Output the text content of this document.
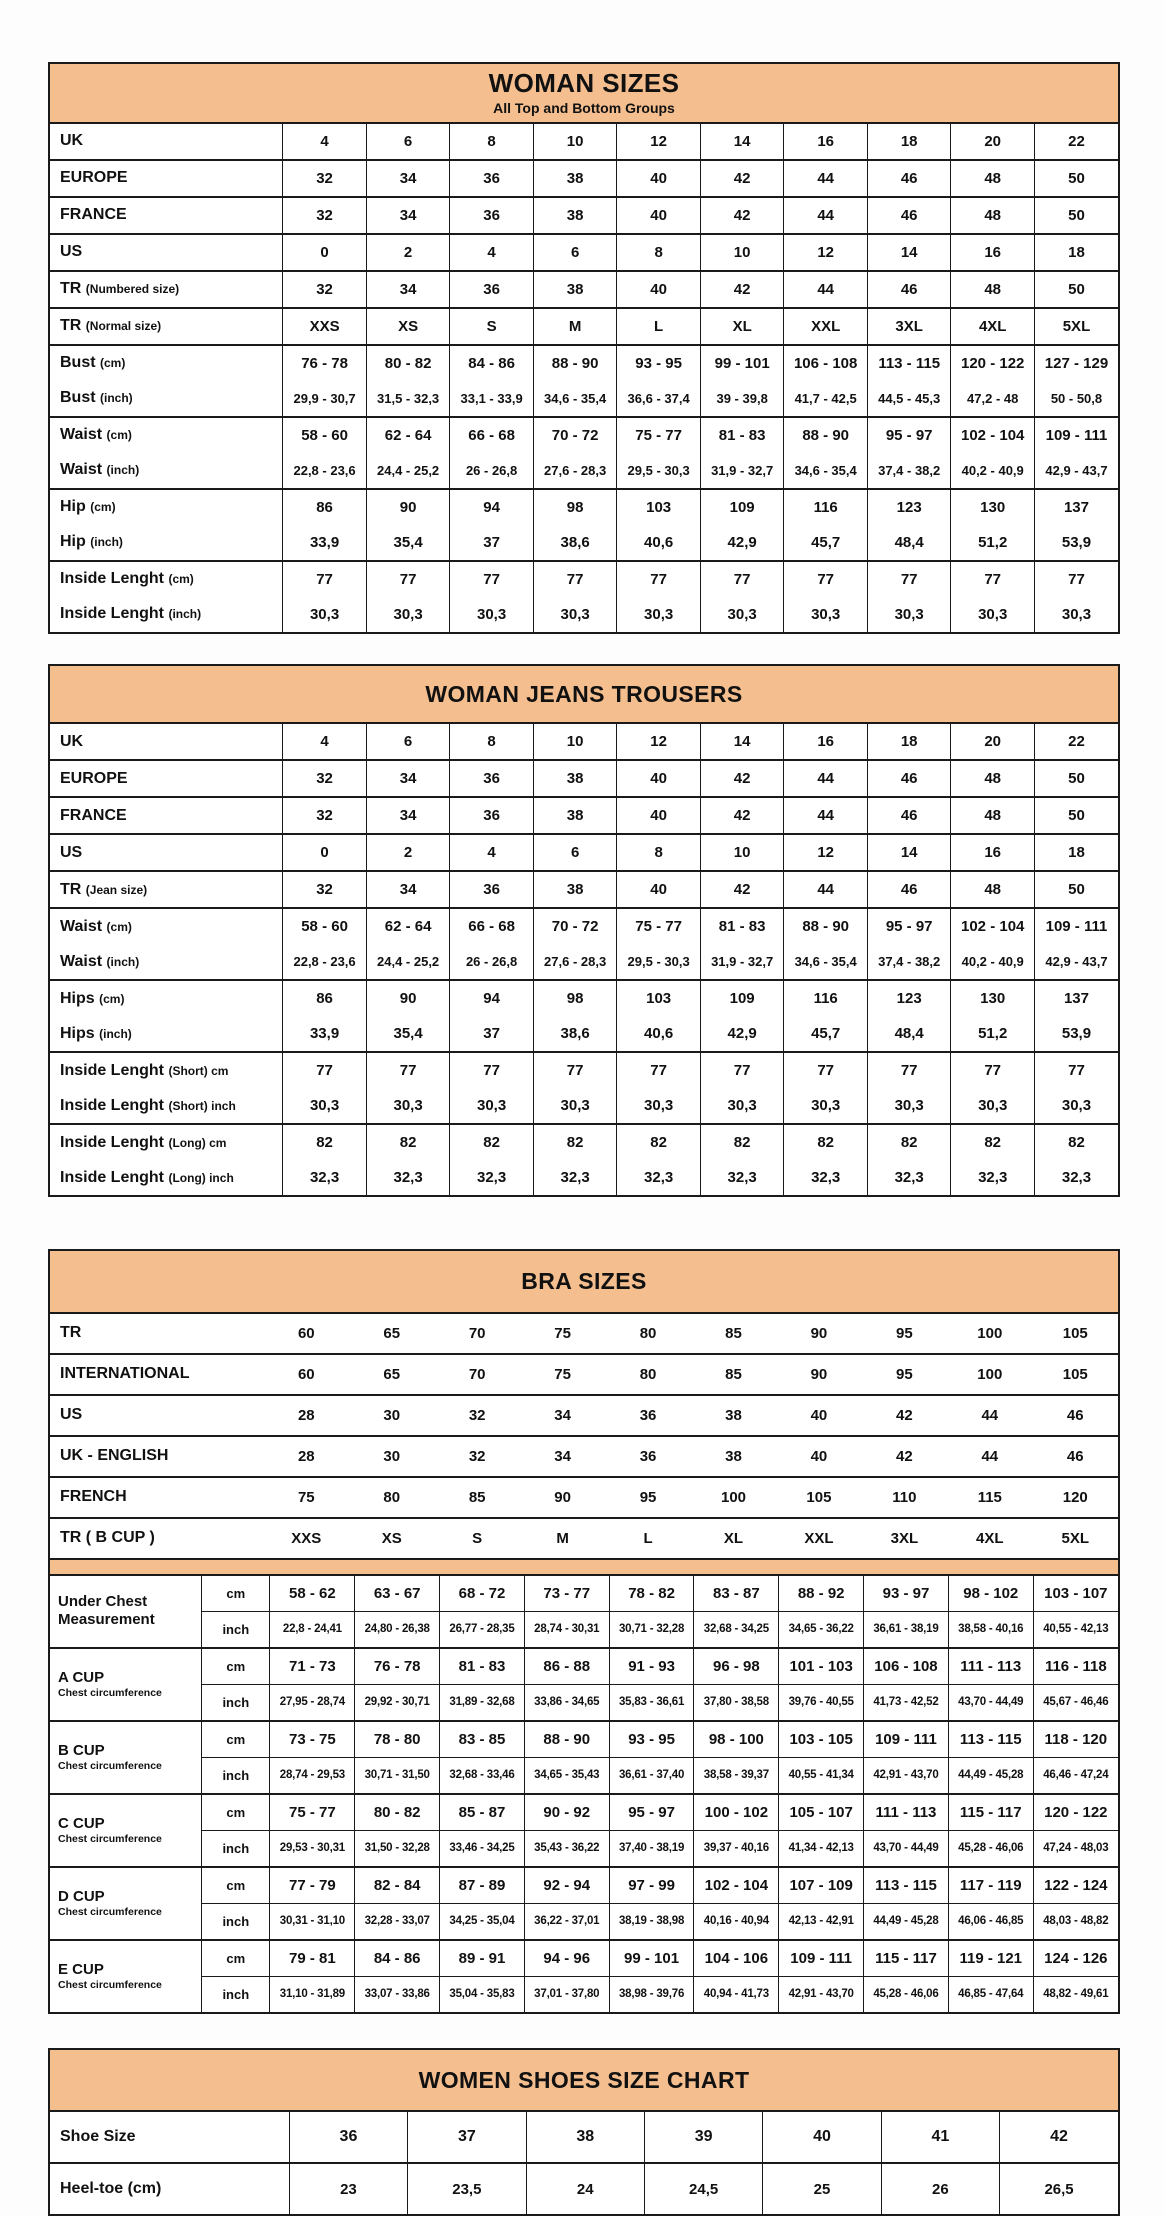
WOMAN SIZES
All Top and Bottom Groups
UK	4	6	8	10	12	14	16	18	20	22
EUROPE	32	34	36	38	40	42	44	46	48	50
FRANCE	32	34	36	38	40	42	44	46	48	50
US	0	2	4	6	8	10	12	14	16	18
TR (Numbered size)	32	34	36	38	40	42	44	46	48	50
TR (Normal size)	XXS	XS	S	M	L	XL	XXL	3XL	4XL	5XL
Bust (cm)	76 - 78	80 - 82	84 - 86	88 - 90	93 - 95	99 - 101	106 - 108	113 - 115	120 - 122	127 - 129
Bust (inch)	29,9 - 30,7	31,5 - 32,3	33,1 - 33,9	34,6 - 35,4	36,6 - 37,4	39 - 39,8	41,7 - 42,5	44,5 - 45,3	47,2 - 48	50 - 50,8
Waist (cm)	58 - 60	62 - 64	66 - 68	70 - 72	75 - 77	81 - 83	88 - 90	95 - 97	102 - 104	109 - 111
Waist (inch)	22,8 - 23,6	24,4 - 25,2	26 - 26,8	27,6 - 28,3	29,5 - 30,3	31,9 - 32,7	34,6 - 35,4	37,4 - 38,2	40,2 - 40,9	42,9 - 43,7
Hip (cm)	86	90	94	98	103	109	116	123	130	137
Hip (inch)	33,9	35,4	37	38,6	40,6	42,9	45,7	48,4	51,2	53,9
Inside Lenght (cm)	77	77	77	77	77	77	77	77	77	77
Inside Lenght (inch)	30,3	30,3	30,3	30,3	30,3	30,3	30,3	30,3	30,3	30,3
WOMAN JEANS TROUSERS
UK	4	6	8	10	12	14	16	18	20	22
EUROPE	32	34	36	38	40	42	44	46	48	50
FRANCE	32	34	36	38	40	42	44	46	48	50
US	0	2	4	6	8	10	12	14	16	18
TR (Jean size)	32	34	36	38	40	42	44	46	48	50
Waist (cm)	58 - 60	62 - 64	66 - 68	70 - 72	75 - 77	81 - 83	88 - 90	95 - 97	102 - 104	109 - 111
Waist (inch)	22,8 - 23,6	24,4 - 25,2	26 - 26,8	27,6 - 28,3	29,5 - 30,3	31,9 - 32,7	34,6 - 35,4	37,4 - 38,2	40,2 - 40,9	42,9 - 43,7
Hips (cm)	86	90	94	98	103	109	116	123	130	137
Hips (inch)	33,9	35,4	37	38,6	40,6	42,9	45,7	48,4	51,2	53,9
Inside Lenght (Short) cm	77	77	77	77	77	77	77	77	77	77
Inside Lenght (Short) inch	30,3	30,3	30,3	30,3	30,3	30,3	30,3	30,3	30,3	30,3
Inside Lenght (Long) cm	82	82	82	82	82	82	82	82	82	82
Inside Lenght (Long) inch	32,3	32,3	32,3	32,3	32,3	32,3	32,3	32,3	32,3	32,3
BRA SIZES
TR	60	65	70	75	80	85	90	95	100	105
INTERNATIONAL	60	65	70	75	80	85	90	95	100	105
US	28	30	32	34	36	38	40	42	44	46
UK - ENGLISH	28	30	32	34	36	38	40	42	44	46
FRENCH	75	80	85	90	95	100	105	110	115	120
TR ( B CUP )	XXS	XS	S	M	L	XL	XXL	3XL	4XL	5XL
Under Chest Measurement	cm	58 - 62	63 - 67	68 - 72	73 - 77	78 - 82	83 - 87	88 - 92	93 - 97	98 - 102	103 - 107
	inch	22,8 - 24,41	24,80 - 26,38	26,77 - 28,35	28,74 - 30,31	30,71 - 32,28	32,68 - 34,25	34,65 - 36,22	36,61 - 38,19	38,58 - 40,16	40,55 - 42,13

A CUP
Chest circumference	cm	71 - 73	76 - 78	81 - 83	86 - 88	91 - 93	96 - 98	101 - 103	106 - 108	111 - 113	116 - 118
	inch	27,95 - 28,74	29,92 - 30,71	31,89 - 32,68	33,86 - 34,65	35,83 - 36,61	37,80 - 38,58	39,76 - 40,55	41,73 - 42,52	43,70 - 44,49	45,67 - 46,46

B CUP
Chest circumference	cm	73 - 75	78 - 80	83 - 85	88 - 90	93 - 95	98 - 100	103 - 105	109 - 111	113 - 115	118 - 120
	inch	28,74 - 29,53	30,71 - 31,50	32,68 - 33,46	34,65 - 35,43	36,61 - 37,40	38,58 - 39,37	40,55 - 41,34	42,91 - 43,70	44,49 - 45,28	46,46 - 47,24

C CUP
Chest circumference	cm	75 - 77	80 - 82	85 - 87	90 - 92	95 - 97	100 - 102	105 - 107	111 - 113	115 - 117	120 - 122
	inch	29,53 - 30,31	31,50 - 32,28	33,46 - 34,25	35,43 - 36,22	37,40 - 38,19	39,37 - 40,16	41,34 - 42,13	43,70 - 44,49	45,28 - 46,06	47,24 - 48,03

D CUP
Chest circumference	cm	77 - 79	82 - 84	87 - 89	92 - 94	97 - 99	102 - 104	107 - 109	113 - 115	117 - 119	122 - 124
	inch	30,31 - 31,10	32,28 - 33,07	34,25 - 35,04	36,22 - 37,01	38,19 - 38,98	40,16 - 40,94	42,13 - 42,91	44,49 - 45,28	46,06 - 46,85	48,03 - 48,82

E CUP
Chest circumference	cm	79 - 81	84 - 86	89 - 91	94 - 96	99 - 101	104 - 106	109 - 111	115 - 117	119 - 121	124 - 126
	inch	31,10 - 31,89	33,07 - 33,86	35,04 - 35,83	37,01 - 37,80	38,98 - 39,76	40,94 - 41,73	42,91 - 43,70	45,28 - 46,06	46,85 - 47,64	48,82 - 49,61
WOMEN SHOES SIZE CHART
Shoe Size	36	37	38	39	40	41	42
Heel-toe (cm)	23	23,5	24	24,5	25	26	26,5
